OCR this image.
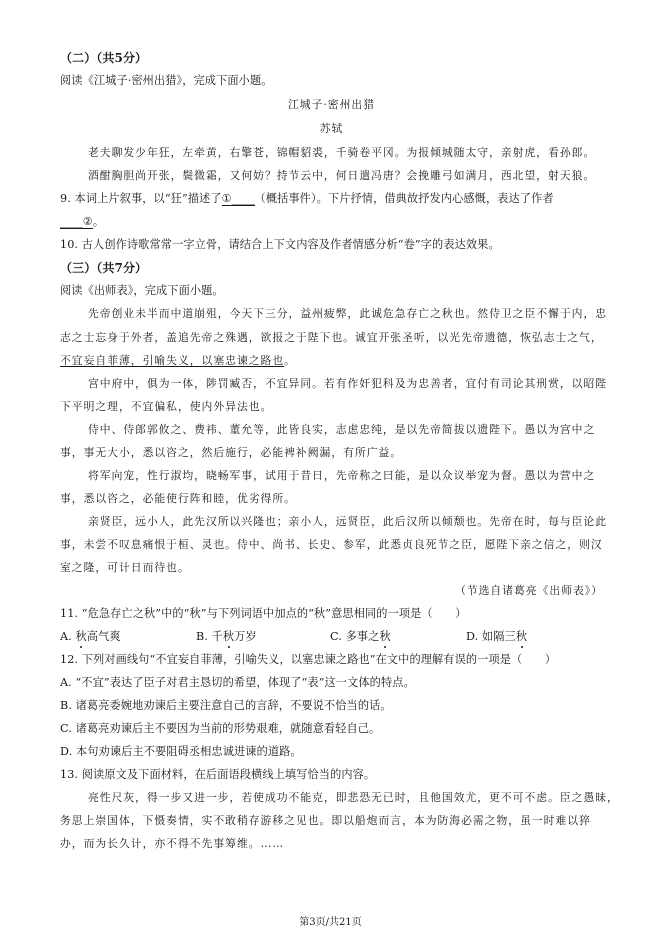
（二）（共5分）
阅读《江城子·密州出猎》，完成下面小题。
江城子·密州出猎
苏轼
老夫聊发少年狂，左牵黄，右擎苍，锦帽貂裘，千骑卷平冈。为报倾城随太守，亲射虎，看孙郎。
酒酣胸胆尚开张，鬓微霜，又何妨？持节云中，何日遣冯唐？会挽雕弓如满月，西北望，射天狼。
9. 本词上片叙事，以“狂”描述了①____（概括事件）。下片抒情，借典故抒发内心感慨，表达了作者
____②。
10. 古人创作诗歌常常一字立骨，请结合上下文内容及作者情感分析“卷”字的表达效果。
（三）（共7分）
阅读《出师表》，完成下面小题。
先帝创业未半而中道崩殂，今天下三分，益州疲弊，此诚危急存亡之秋也。然侍卫之臣不懈于内，忠
志之士忘身于外者，盖追先帝之殊遇，欲报之于陛下也。诚宜开张圣听，以光先帝遗德，恢弘志士之气，
不宜妄自菲薄，引喻失义，以塞忠谏之路也。
宫中府中，俱为一体，陟罚臧否，不宜异同。若有作奸犯科及为忠善者，宜付有司论其刑赏，以昭陛
下平明之理，不宜偏私，使内外异法也。
侍中、侍郎郭攸之、费祎、董允等，此皆良实，志虑忠纯，是以先帝简拔以遗陛下。愚以为宫中之
事，事无大小，悉以咨之，然后施行，必能裨补阙漏，有所广益。
将军向宠，性行淑均，晓畅军事，试用于昔日，先帝称之曰能，是以众议举宠为督。愚以为营中之
事，悉以咨之，必能使行阵和睦，优劣得所。
亲贤臣，远小人，此先汉所以兴隆也；亲小人，远贤臣，此后汉所以倾颓也。先帝在时，每与臣论此
事，未尝不叹息痛恨于桓、灵也。侍中、尚书、长史、参军，此悉贞良死节之臣，愿陛下亲之信之，则汉
室之隆，可计日而待也。
（节选自诸葛亮《出师表》）
11. “危急存亡之秋”中的“秋”与下列词语中加点的“秋”意思相同的一项是（　　）
A. 秋高气爽	B. 千秋万岁	C. 多事之秋	D. 如隔三秋
12. 下列对画线句“不宜妄自菲薄，引喻失义，以塞忠谏之路也”在文中的理解有误的一项是（　　）
A. “不宜”表达了臣子对君主恳切的希望，体现了“表”这一文体的特点。
B. 诸葛亮委婉地劝谏后主要注意自己的言辞，不要说不恰当的话。
C. 诸葛亮劝谏后主不要因为当前的形势艰难，就随意看轻自己。
D. 本句劝谏后主不要阻碍丞相忠诚进谏的道路。
13. 阅读原文及下面材料，在后面语段横线上填写恰当的内容。
亮性尺灰，得一步又进一步，若使成功不能克，即悲恐无已时，且他国效尤，更不可不虑。臣之愚昧，
务思上崇国体，下慑奏情，实不敢稍存游移之见也。即以船炮而言，本为防海必需之物，虽一时难以猝
办，而为长久计，亦不得不先事筹维。……
第3页/共21页
